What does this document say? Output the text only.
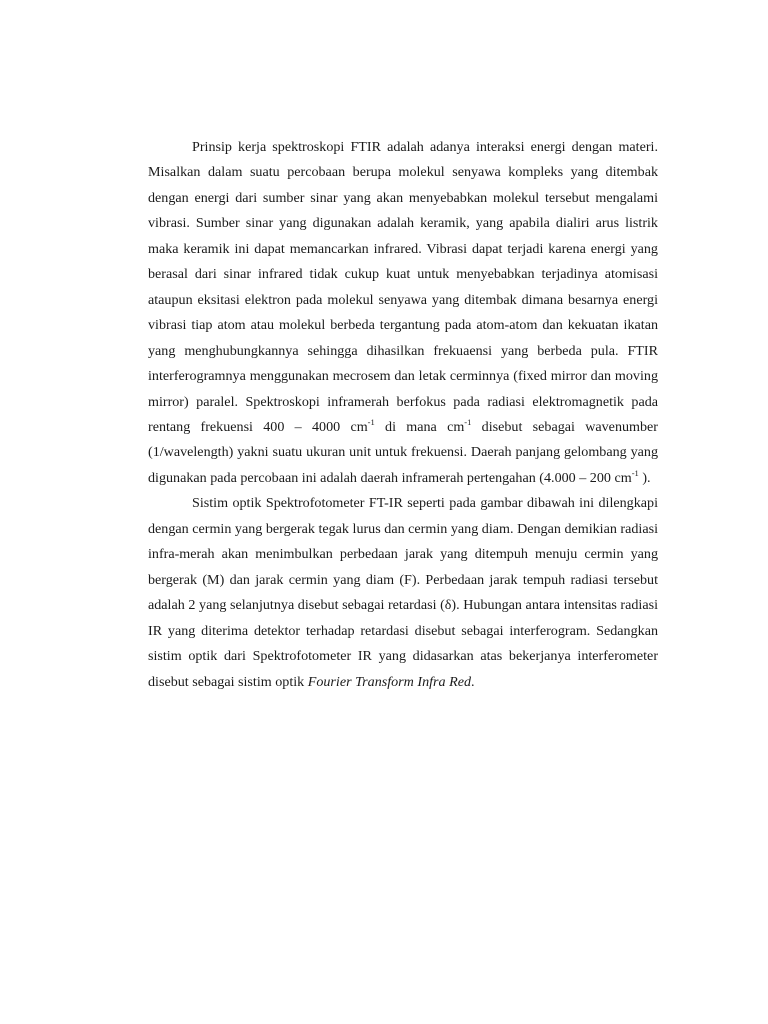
Prinsip kerja spektroskopi FTIR adalah adanya interaksi energi dengan materi. Misalkan dalam suatu percobaan berupa molekul senyawa kompleks yang ditembak dengan energi dari sumber sinar yang akan menyebabkan molekul tersebut mengalami vibrasi. Sumber sinar yang digunakan adalah keramik, yang apabila dialiri arus listrik maka keramik ini dapat memancarkan infrared. Vibrasi dapat terjadi karena energi yang berasal dari sinar infrared tidak cukup kuat untuk menyebabkan terjadinya atomisasi ataupun eksitasi elektron pada molekul senyawa yang ditembak dimana besarnya energi vibrasi tiap atom atau molekul berbeda tergantung pada atom-atom dan kekuatan ikatan yang menghubungkannya sehingga dihasilkan frekuaensi yang berbeda pula. FTIR interferogramnya menggunakan mecrosem dan letak cerminnya (fixed mirror dan moving mirror) paralel. Spektroskopi inframerah berfokus pada radiasi elektromagnetik pada rentang frekuensi 400 – 4000 $cm^{-1}$ di mana $cm^{-1}$ disebut sebagai wavenumber (1/wavelength) yakni suatu ukuran unit untuk frekuensi. Daerah panjang gelombang yang digunakan pada percobaan ini adalah daerah inframerah pertengahan (4.000 – 200 $cm^{-1}$ ).

Sistim optik Spektrofotometer FT-IR seperti pada gambar dibawah ini dilengkapi dengan cermin yang bergerak tegak lurus dan cermin yang diam. Dengan demikian radiasi infra-merah akan menimbulkan perbedaan jarak yang ditempuh menuju cermin yang bergerak (M) dan jarak cermin yang diam (F). Perbedaan jarak tempuh radiasi tersebut adalah 2 yang selanjutnya disebut sebagai retardasi (δ). Hubungan antara intensitas radiasi IR yang diterima detektor terhadap retardasi disebut sebagai interferogram. Sedangkan sistim optik dari Spektrofotometer IR yang didasarkan atas bekerjanya interferometer disebut sebagai sistim optik Fourier Transform Infra Red.
